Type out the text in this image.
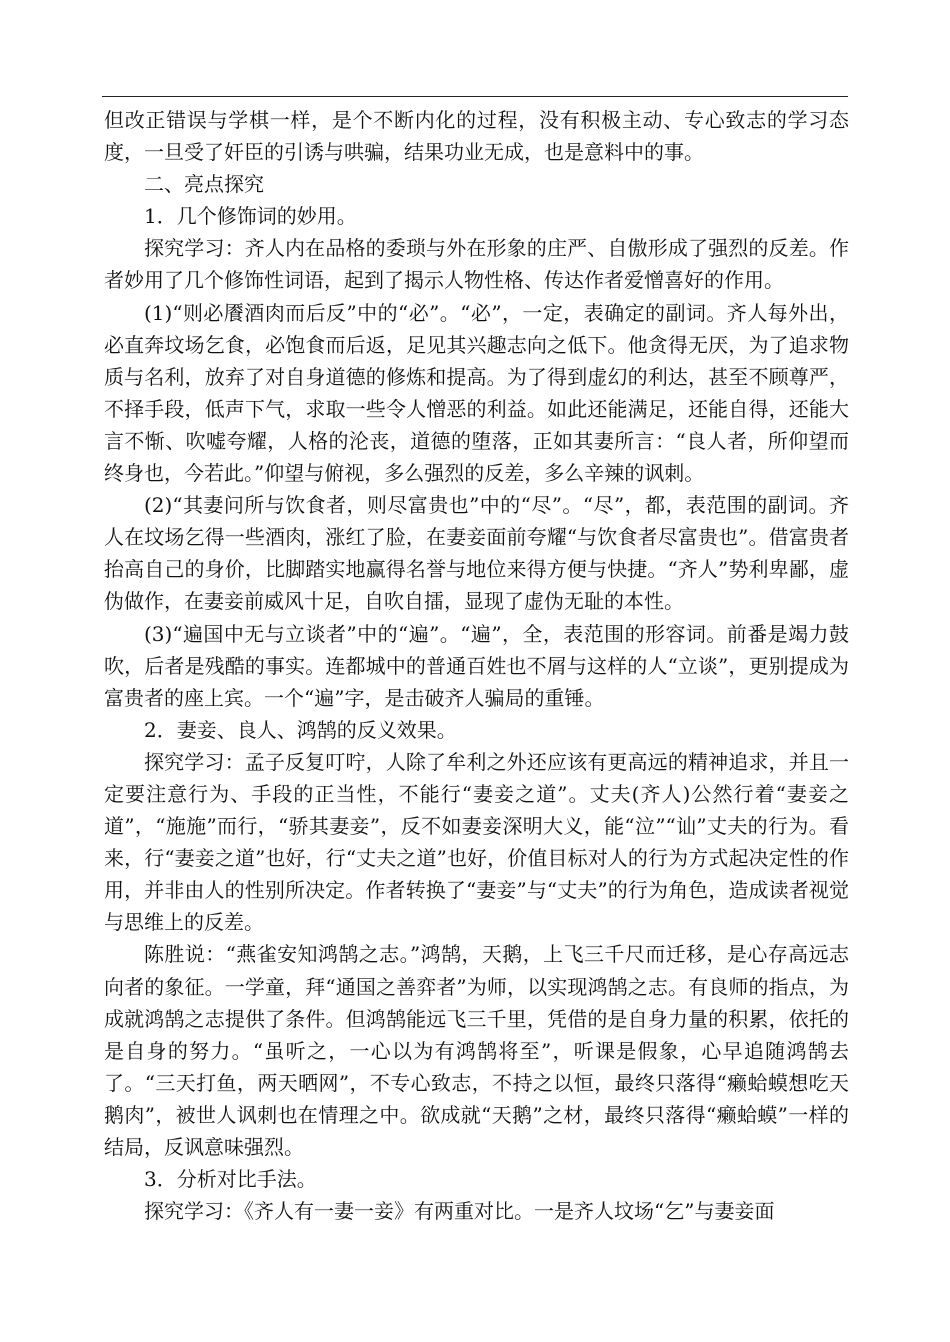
但改正错误与学棋一样，是个不断内化的过程，没有积极主动、专心致志的学习态度，一旦受了奸臣的引诱与哄骗，结果功业无成，也是意料中的事。

二、亮点探究

1．几个修饰词的妙用。

探究学习：齐人内在品格的委琐与外在形象的庄严、自傲形成了强烈的反差。作者妙用了几个修饰性词语，起到了揭示人物性格、传达作者爱憎喜好的作用。

(1)“则必餍酒肉而后反”中的“必”。“必”，一定，表确定的副词。齐人每外出，必直奔坟场乞食，必饱食而后返，足见其兴趣志向之低下。他贪得无厌，为了追求物质与名利，放弃了对自身道德的修炼和提高。为了得到虚幻的利达，甚至不顾尊严，不择手段，低声下气，求取一些令人憎恶的利益。如此还能满足，还能自得，还能大言不惭、吹嘘夸耀，人格的沦丧，道德的堕落，正如其妻所言：“良人者，所仰望而终身也，今若此。”仰望与俯视，多么强烈的反差，多么辛辣的讽刺。

(2)“其妻问所与饮食者，则尽富贵也”中的“尽”。“尽”，都，表范围的副词。齐人在坟场乞得一些酒肉，涨红了脸，在妻妾面前夸耀“与饮食者尽富贵也”。借富贵者抬高自己的身价，比脚踏实地赢得名誉与地位来得方便与快捷。“齐人”势利卑鄙，虚伪做作，在妻妾前威风十足，自吹自擂，显现了虚伪无耻的本性。

(3)“遍国中无与立谈者”中的“遍”。“遍”，全，表范围的形容词。前番是竭力鼓吹，后者是残酷的事实。连都城中的普通百姓也不屑与这样的人“立谈”，更别提成为富贵者的座上宾。一个“遍”字，是击破齐人骗局的重锤。

2．妻妾、良人、鸿鹄的反义效果。

探究学习：孟子反复叮咛，人除了牟利之外还应该有更高远的精神追求，并且一定要注意行为、手段的正当性，不能行“妻妾之道”。丈夫(齐人)公然行着“妻妾之道”，“施施”而行，“骄其妻妾”，反不如妻妾深明大义，能“泣”“讪”丈夫的行为。看来，行“妻妾之道”也好，行“丈夫之道”也好，价值目标对人的行为方式起决定性的作用，并非由人的性别所决定。作者转换了“妻妾”与“丈夫”的行为角色，造成读者视觉与思维上的反差。

陈胜说：“燕雀安知鸿鹄之志。”鸿鹄，天鹅，上飞三千尺而迁移，是心存高远志向者的象征。一学童，拜“通国之善弈者”为师，以实现鸿鹄之志。有良师的指点，为成就鸿鹄之志提供了条件。但鸿鹄能远飞三千里，凭借的是自身力量的积累，依托的是自身的努力。“虽听之，一心以为有鸿鹄将至”，听课是假象，心早追随鸿鹄去了。“三天打鱼，两天晒网”，不专心致志，不持之以恒，最终只落得“癞蛤蟆想吃天鹅肉”，被世人讽刺也在情理之中。欲成就“天鹅”之材，最终只落得“癞蛤蟆”一样的结局，反讽意味强烈。

3．分析对比手法。

探究学习：《齐人有一妻一妾》有两重对比。一是齐人坟场“乞”与妻妾面
